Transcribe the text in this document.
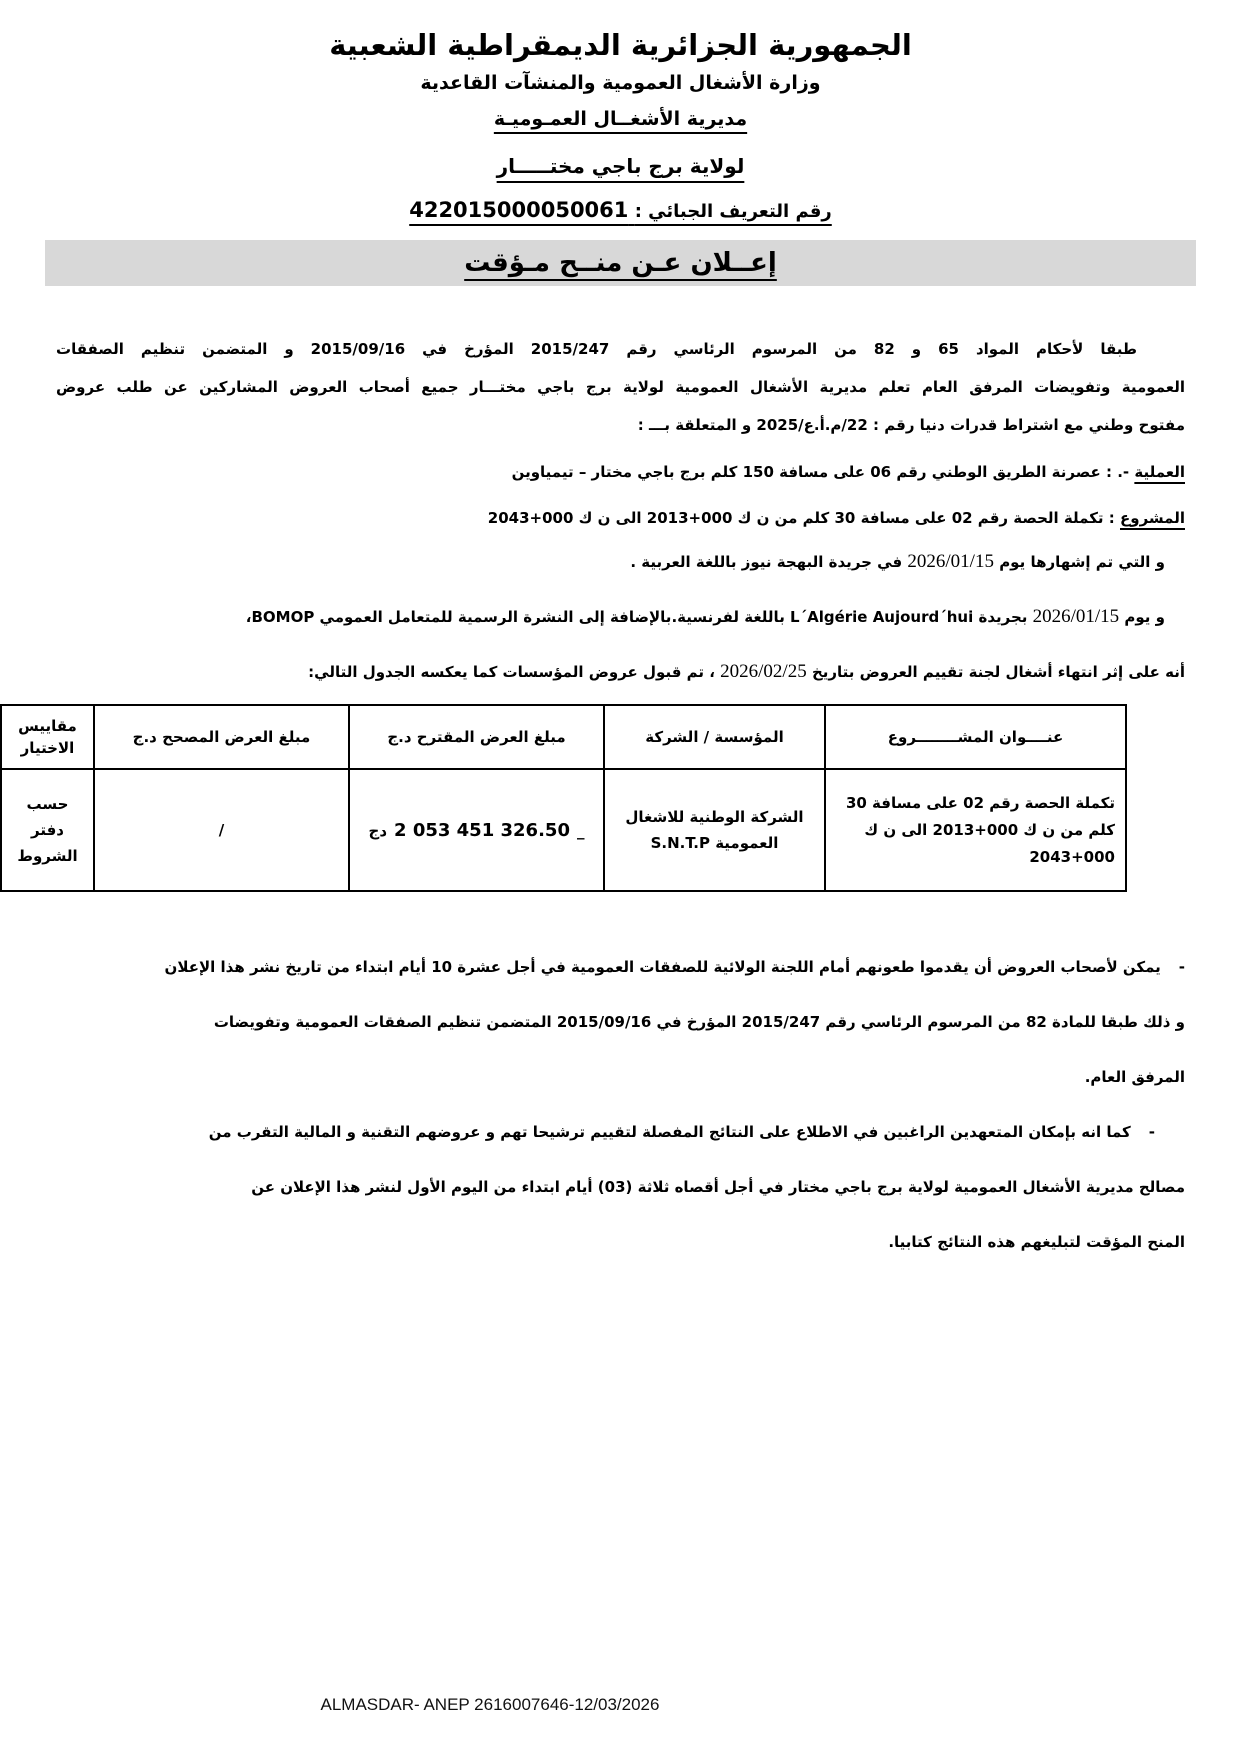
الجمهورية الجزائرية الديمقراطية الشعبية
وزارة الأشغال العمومية والمنشآت القاعدية
مديرية الأشغــال العمـوميـة
لولاية برج باجي مختـــــار
رقم التعريف الجبائي : 422015000050061
إعــلان عـن منــح مـؤقت
طبقا لأحكام المواد 65 و 82 من المرسوم الرئاسي رقم 2015/247 المؤرخ في 2015/09/16 و المتضمن تنظيم الصفقات
العمومية وتفويضات المرفق العام تعلم مديرية الأشغال العمومية لولاية برج باجي مختـــار جميع أصحاب العروض المشاركين عن طلب عروض
مفتوح وطني مع اشتراط قدرات دنيا رقم : 22/م.أ.ع/2025 و المتعلقة بـــ :
العملية -. : عصرنة الطريق الوطني رقم 06 على مسافة 150 كلم برج باجي مختار – تيمياوين
المشروع : تكملة الحصة رقم 02 على مسافة 30 كلم من ن ك ‎2013+000 الى ن ك ‎2043+000
و التي تم إشهارها يوم 2026/01/15 في جريدة البهجة نيوز باللغة العربية .
و يوم 2026/01/15 بجريدة L´Algérie Aujourd´hui باللغة لفرنسية.بالإضافة إلى النشرة الرسمية للمتعامل العمومي BOMOP،
أنه على إثر انتهاء أشغال لجنة تقييم العروض بتاريخ 2026/02/25 ، تم قبول عروض المؤسسات كما يعكسه الجدول التالي:
عنــــوان المشــــــــروع	المؤسسة / الشركة	مبلغ العرض المقترح د.ج	مبلغ العرض المصحح د.ج	مقاييس الاختيار
تكملة الحصة رقم 02 على مسافة 30 كلم من ن ك ‎2013+000 الى ن ك ‎2043+000	الشركة الوطنية للاشغال العمومية S.N.T.P	دج 2 053 451 326.50 _	/	حسب دفتر الشروط
-يمكن لأصحاب العروض أن يقدموا طعونهم أمام اللجنة الولائية للصفقات العمومية في أجل عشرة 10 أيام ابتداء من تاريخ نشر هذا الإعلان
و ذلك طبقا للمادة 82 من المرسوم الرئاسي رقم 2015/247 المؤرخ في 2015/09/16 المتضمن تنظيم الصفقات العمومية وتفويضات
المرفق العام.
-كما انه بإمكان المتعهدين الراغبين في الاطلاع على النتائج المفصلة لتقييم ترشيحا تهم و عروضهم التقنية و المالية التقرب من
مصالح مديرية الأشغال العمومية لولاية برج باجي مختار في أجل أقصاه ثلاثة (03) أيام ابتداء من اليوم الأول لنشر هذا الإعلان عن
المنح المؤقت لتبليغهم هذه النتائج كتابيا.
ALMASDAR- ANEP 2616007646-12/03/2026
